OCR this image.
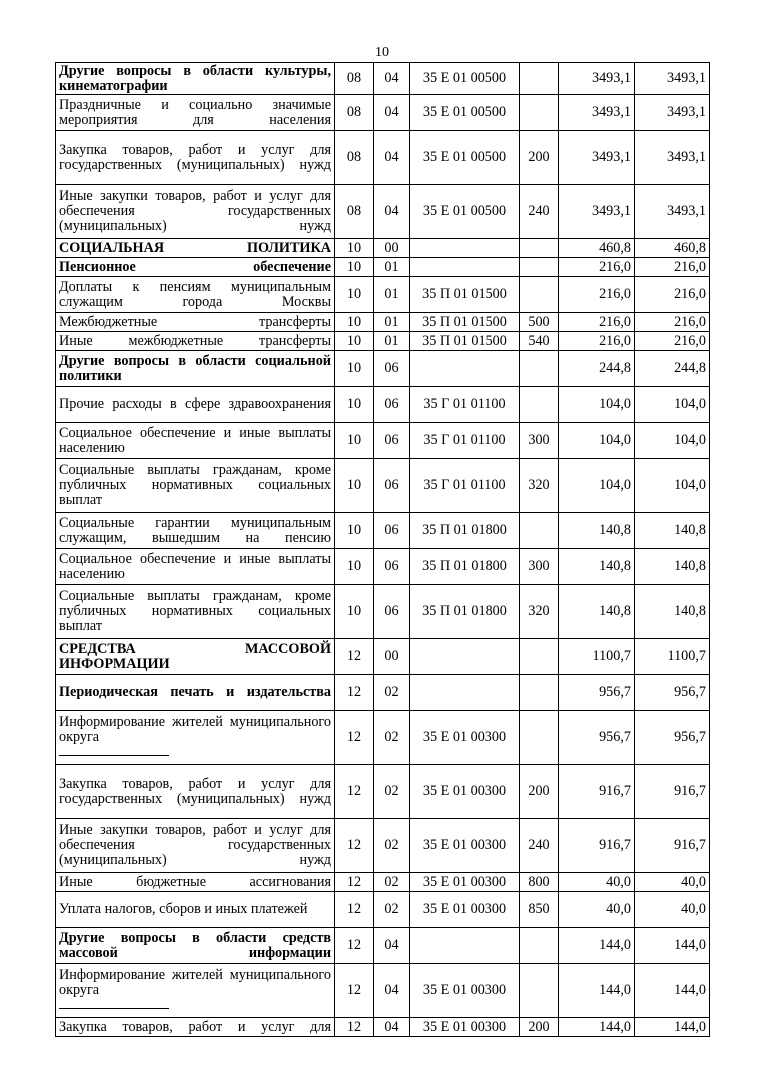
10
Другие вопросы в области культуры, кинематографии	08	04	35 Е 01 00500		3493,1	3493,1
Праздничные и социально значимые мероприятия для населения	08	04	35 Е 01 00500		3493,1	3493,1
Закупка товаров, работ и услуг для государственных (муниципальных) нужд	08	04	35 Е 01 00500	200	3493,1	3493,1
Иные закупки товаров, работ и услуг для обеспечения государственных (муниципальных) нужд	08	04	35 Е 01 00500	240	3493,1	3493,1
СОЦИАЛЬНАЯ ПОЛИТИКА	10	00			460,8	460,8
Пенсионное обеспечение	10	01			216,0	216,0
Доплаты к пенсиям муниципальным служащим города Москвы	10	01	35 П 01 01500		216,0	216,0
Межбюджетные трансферты	10	01	35 П 01 01500	500	216,0	216,0
Иные межбюджетные трансферты	10	01	35 П 01 01500	540	216,0	216,0
Другие вопросы в области социальной политики	10	06			244,8	244,8
Прочие расходы в сфере здравоохранения	10	06	35 Г 01 01100		104,0	104,0
Социальное обеспечение и иные выплаты населению	10	06	35 Г 01 01100	300	104,0	104,0
Социальные выплаты гражданам, кроме публичных нормативных социальных выплат	10	06	35 Г 01 01100	320	104,0	104,0
Социальные гарантии муниципальным служащим, вышедшим на пенсию	10	06	35 П 01 01800		140,8	140,8
Социальное обеспечение и иные выплаты населению	10	06	35 П 01 01800	300	140,8	140,8
Социальные выплаты гражданам, кроме публичных нормативных социальных выплат	10	06	35 П 01 01800	320	140,8	140,8
СРЕДСТВА МАССОВОЙ ИНФОРМАЦИИ	12	00			1100,7	1100,7
Периодическая печать и издательства	12	02			956,7	956,7
Информирование жителей муниципального округа	12	02	35 Е 01 00300		956,7	956,7
Закупка товаров, работ и услуг для государственных (муниципальных) нужд	12	02	35 Е 01 00300	200	916,7	916,7
Иные закупки товаров, работ и услуг для обеспечения государственных (муниципальных) нужд	12	02	35 Е 01 00300	240	916,7	916,7
Иные бюджетные ассигнования	12	02	35 Е 01 00300	800	40,0	40,0
Уплата налогов, сборов и иных платежей	12	02	35 Е 01 00300	850	40,0	40,0
Другие вопросы в области средств массовой информации	12	04			144,0	144,0
Информирование жителей муниципального округа	12	04	35 Е 01 00300		144,0	144,0
Закупка товаров, работ и услуг для	12	04	35 Е 01 00300	200	144,0	144,0
